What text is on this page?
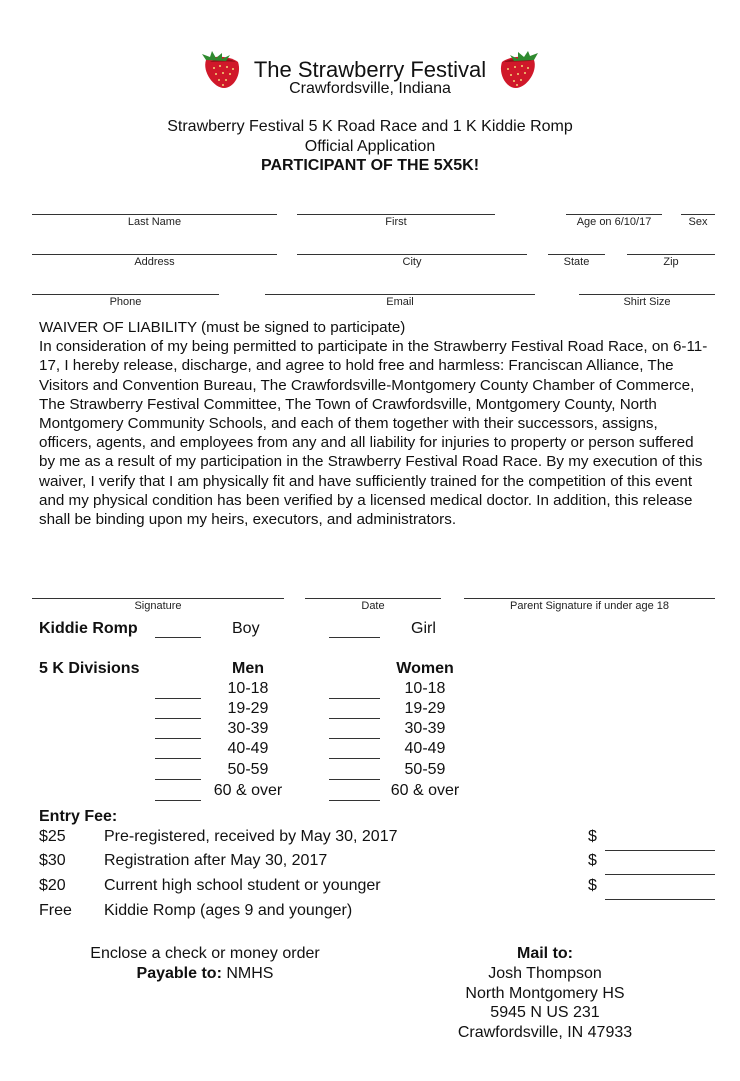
The Strawberry Festival
Crawfordsville, Indiana
Strawberry Festival 5 K Road Race and 1 K Kiddie Romp
Official Application
PARTICIPANT OF THE 5X5K!
Last Name	First	Age on 6/10/17	Sex
Address	City	State	Zip
Phone	Email	Shirt Size

WAIVER OF LIABILITY (must be signed to participate)

In consideration of my being permitted to participate in the Strawberry Festival Road Race, on 6-11-17, I hereby release, discharge, and agree to hold free and harmless: Franciscan Alliance, The Visitors and Convention Bureau, The Crawfordsville-Montgomery County Chamber of Commerce, The Strawberry Festival Committee, The Town of Crawfordsville, Montgomery County, North Montgomery Community Schools, and each of them together with their successors, assigns, officers, agents, and employees from any and all liability for injuries to property or person suffered by me as a result of my participation in the Strawberry Festival Road Race. By my execution of this waiver, I verify that I am physically fit and have sufficiently trained for the competition of this event and my physical condition has been verified by a licensed medical doctor. In addition, this release shall be binding upon my heirs, executors, and administrators.

Signature	Date	Parent Signature if under age 18
Kiddie Romp	Boy	Girl
5 K Divisions	Men	Women
10-18	10-18
19-29	19-29
30-39	30-39
40-49	40-49
50-59	50-59
60 & over	60 & over
Entry Fee:
$25 Pre-registered, received by May 30, 2017	$
$30 Registration after May 30, 2017	$
$20 Current high school student or younger	$
Free Kiddie Romp (ages 9 and younger)
Enclose a check or money order
Payable to: NMHS
Mail to:
Josh Thompson
North Montgomery HS
5945 N US 231
Crawfordsville, IN 47933
